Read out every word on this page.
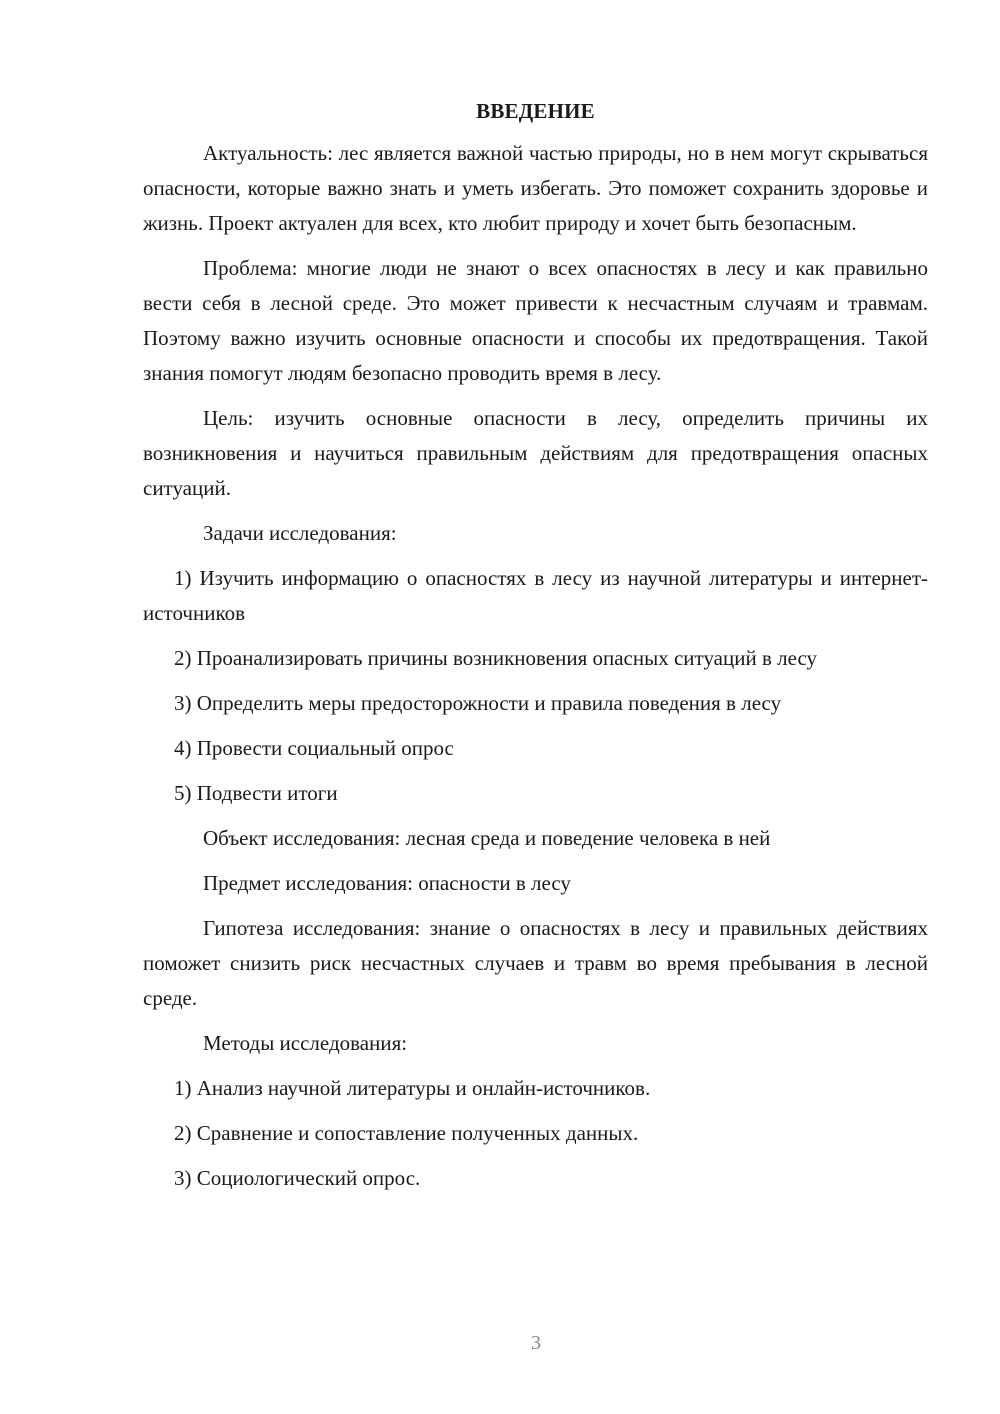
ВВЕДЕНИЕ

Актуальность: лес является важной частью природы, но в нем могут скрываться опасности, которые важно знать и уметь избегать. Это поможет сохранить здоровье и жизнь. Проект актуален для всех, кто любит природу и хочет быть безопасным.

Проблема: многие люди не знают о всех опасностях в лесу и как правильно вести себя в лесной среде. Это может привести к несчастным случаям и травмам. Поэтому важно изучить основные опасности и способы их предотвращения. Такой знания помогут людям безопасно проводить время в лесу.

Цель: изучить основные опасности в лесу, определить причины их возникновения и научиться правильным действиям для предотвращения опасных ситуаций.

Задачи исследования:

1) Изучить информацию о опасностях в лесу из научной литературы и интернет-источников

2) Проанализировать причины возникновения опасных ситуаций в лесу

3) Определить меры предосторожности и правила поведения в лесу

4) Провести социальный опрос

5) Подвести итоги

Объект исследования: лесная среда и поведение человека в ней

Предмет исследования: опасности в лесу

Гипотеза исследования: знание о опасностях в лесу и правильных действиях поможет снизить риск несчастных случаев и травм во время пребывания в лесной среде.

Методы исследования:

1) Анализ научной литературы и онлайн-источников.

2) Сравнение и сопоставление полученных данных.

3) Социологический опрос.

3
